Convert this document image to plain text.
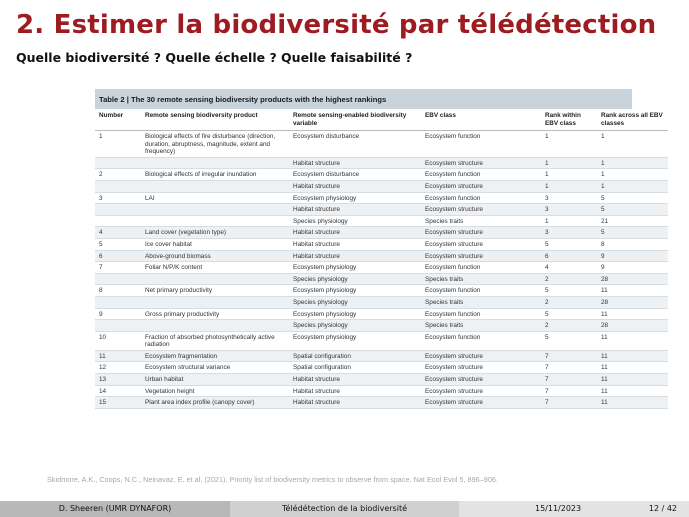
2. Estimer la biodiversité par télédétection
Quelle biodiversité ? Quelle échelle ? Quelle faisabilité ?
Table 2 | The 30 remote sensing biodiversity products with the highest rankings
Number	Remote sensing biodiversity product	Remote sensing-enabled biodiversity variable	EBV class	Rank within EBV class	Rank across all EBV classes
1	Biological effects of fire disturbance (direction, duration, abruptness, magnitude, extent and frequency)	Ecosystem disturbance	Ecosystem function	1	1
		Habitat structure	Ecosystem structure	1	1
2	Biological effects of irregular inundation	Ecosystem disturbance	Ecosystem function	1	1
		Habitat structure	Ecosystem structure	1	1
3	LAI	Ecosystem physiology	Ecosystem function	3	5
		Habitat structure	Ecosystem structure	3	5
		Species physiology	Species traits	1	21
4	Land cover (vegetation type)	Habitat structure	Ecosystem structure	3	5
5	Ice cover habitat	Habitat structure	Ecosystem structure	5	8
6	Above-ground biomass	Habitat structure	Ecosystem structure	6	9
7	Foliar N/P/K content	Ecosystem physiology	Ecosystem function	4	9
		Species physiology	Species traits	2	28
8	Net primary productivity	Ecosystem physiology	Ecosystem function	5	11
		Species physiology	Species traits	2	28
9	Gross primary productivity	Ecosystem physiology	Ecosystem function	5	11
		Species physiology	Species traits	2	28
10	Fraction of absorbed photosynthetically active radiation	Ecosystem physiology	Ecosystem function	5	11
11	Ecosystem fragmentation	Spatial configuration	Ecosystem structure	7	11
12	Ecosystem structural variance	Spatial configuration	Ecosystem structure	7	11
13	Urban habitat	Habitat structure	Ecosystem structure	7	11
14	Vegetation height	Habitat structure	Ecosystem structure	7	11
15	Plant area index profile (canopy cover)	Habitat structure	Ecosystem structure	7	11
Skidmore, A.K., Coops, N.C., Neinavaz, E. et al. (2021). Priority list of biodiversity metrics to observe from space. Nat Ecol Evol 5, 896–906.
D. Sheeren (UMR DYNAFOR)	Télédétection de la biodiversité	15/11/2023	12 / 42
